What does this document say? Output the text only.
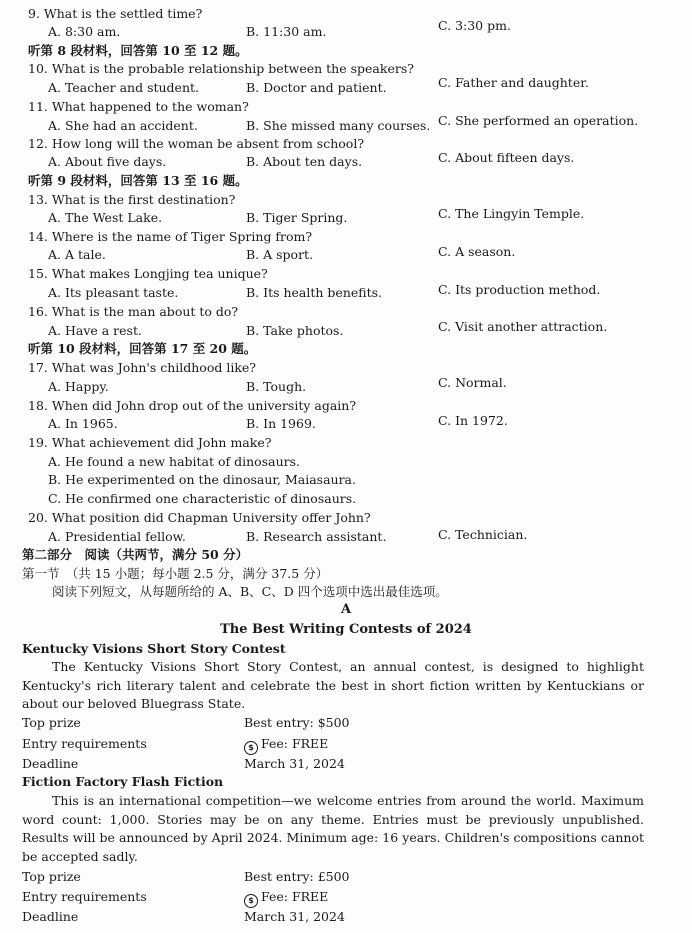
9. What is the settled time?
A. 8:30 am.	B. 11:30 am.	C. 3:30 pm.
听第 8 段材料，回答第 10 至 12 题。
10. What is the probable relationship between the speakers?
A. Teacher and student.	B. Doctor and patient.	C. Father and daughter.
11. What happened to the woman?
A. She had an accident.	B. She missed many courses. C. She performed an operation.
12. How long will the woman be absent from school?
A. About five days.	B. About ten days.	C. About fifteen days.
听第 9 段材料，回答第 13 至 16 题。
13. What is the first destination?
A. The West Lake.	B. Tiger Spring.	C. The Lingyin Temple.
14. Where is the name of Tiger Spring from?
A. A tale.	B. A sport.	C. A season.
15. What makes Longjing tea unique?
A. Its pleasant taste.	B. Its health benefits.	C. Its production method.
16. What is the man about to do?
A. Have a rest.	B. Take photos.	C. Visit another attraction.
听第 10 段材料，回答第 17 至 20 题。
17. What was John's childhood like?
A. Happy.	B. Tough.	C. Normal.
18. When did John drop out of the university again?
A. In 1965.	B. In 1969.	C. In 1972.
19. What achievement did John make?
A. He found a new habitat of dinosaurs.
B. He experimented on the dinosaur, Maiasaura.
C. He confirmed one characteristic of dinosaurs.
20. What position did Chapman University offer John?
A. Presidential fellow.	B. Research assistant.	C. Technician.
第二部分　阅读（共两节，满分 50 分）
第一节　（共 15 小题；每小题 2.5 分，满分 37.5 分）
阅读下列短文，从每题所给的 A、B、C、D 四个选项中选出最佳选项。
A
The Best Writing Contests of 2024
Kentucky Visions Short Story Contest
The Kentucky Visions Short Story Contest, an annual contest, is designed to highlight Kentucky's rich literary talent and celebrate the best in short fiction written by Kentuckians or about our beloved Bluegrass State.
Top prize	Best entry: $500
Entry requirements	$ Fee: FREE
Deadline	March 31, 2024
Fiction Factory Flash Fiction
This is an international competition—we welcome entries from around the world. Maximum word count: 1,000. Stories may be on any theme. Entries must be previously unpublished. Results will be announced by April 2024. Minimum age: 16 years. Children's compositions cannot be accepted sadly.
Top prize	Best entry: £500
Entry requirements	$ Fee: FREE
Deadline	March 31, 2024
